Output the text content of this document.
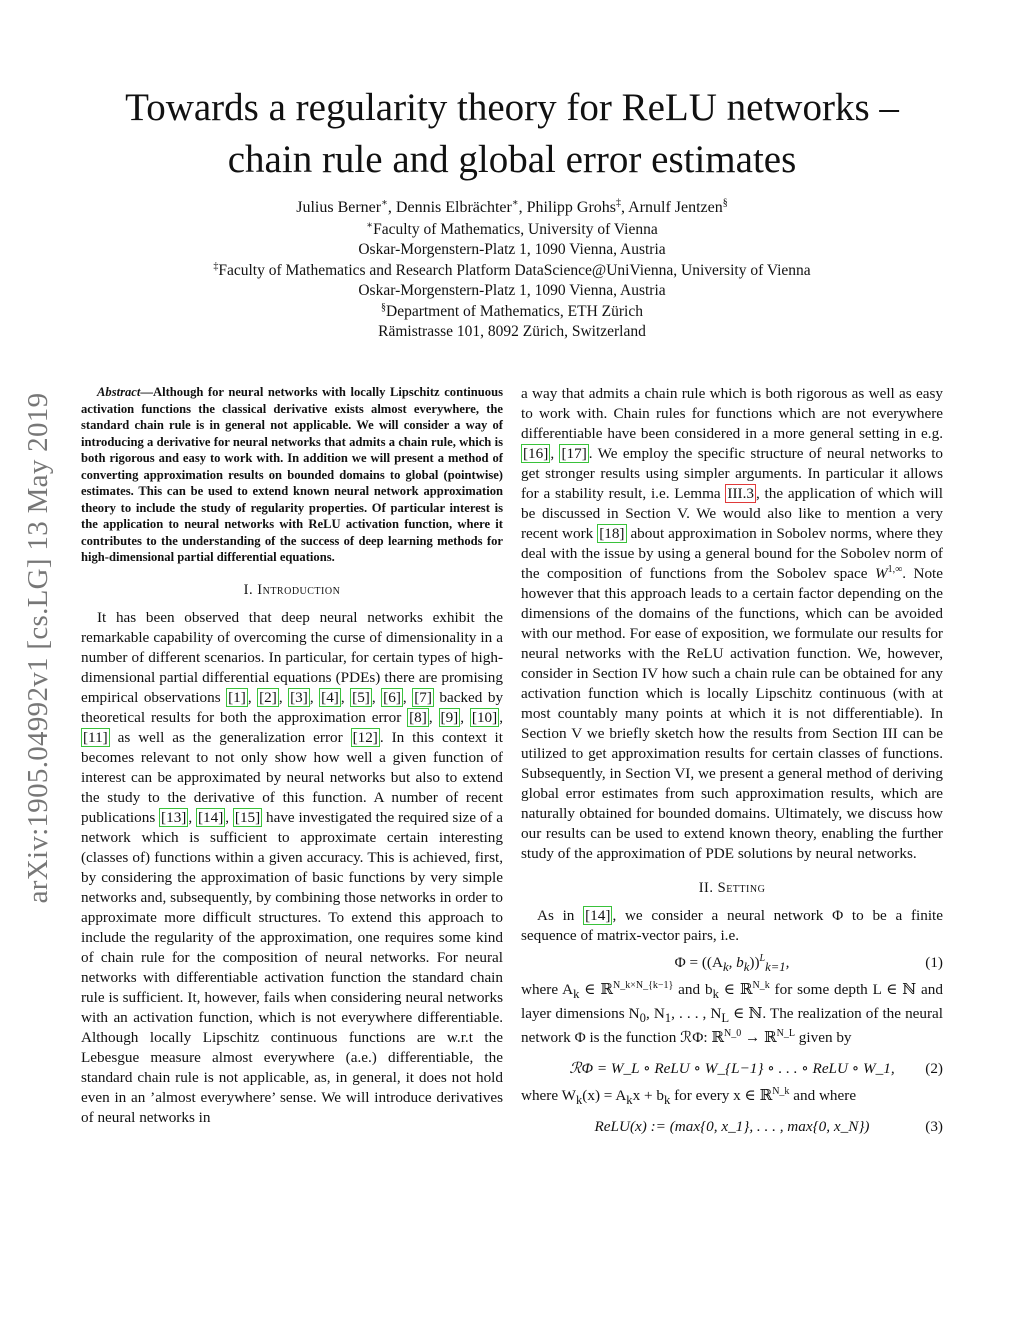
arXiv:1905.04992v1 [cs.LG] 13 May 2019
Towards a regularity theory for ReLU networks –
chain rule and global error estimates
Julius Berner∗, Dennis Elbrächter∗, Philipp Grohs‡, Arnulf Jentzen§
∗Faculty of Mathematics, University of Vienna
Oskar-Morgenstern-Platz 1, 1090 Vienna, Austria
‡Faculty of Mathematics and Research Platform DataScience@UniVienna, University of Vienna
Oskar-Morgenstern-Platz 1, 1090 Vienna, Austria
§Department of Mathematics, ETH Zürich
Rämistrasse 101, 8092 Zürich, Switzerland

Abstract—Although for neural networks with locally Lipschitz continuous activation functions the classical derivative exists almost everywhere, the standard chain rule is in general not applicable. We will consider a way of introducing a derivative for neural networks that admits a chain rule, which is both rigorous and easy to work with. In addition we will present a method of converting approximation results on bounded domains to global (pointwise) estimates. This can be used to extend known neural network approximation theory to include the study of regularity properties. Of particular interest is the application to neural networks with ReLU activation function, where it contributes to the understanding of the success of deep learning methods for high-dimensional partial differential equations.

I. Introduction

It has been observed that deep neural networks exhibit the remarkable capability of overcoming the curse of dimensionality in a number of different scenarios. In particular, for certain types of high-dimensional partial differential equations (PDEs) there are promising empirical observations [1] , [2] , [3] , [4] , [5] , [6] , [7] backed by theoretical results for both the approximation error [8] , [9] , [10] , [11] as well as the generalization error [12] . In this context it becomes relevant to not only show how well a given function of interest can be approximated by neural networks but also to extend the study to the derivative of this function. A number of recent publications [13] , [14] , [15] have investigated the required size of a network which is sufficient to approximate certain interesting (classes of) functions within a given accuracy. This is achieved, first, by considering the approximation of basic functions by very simple networks and, subsequently, by combining those networks in order to approximate more difficult structures. To extend this approach to include the regularity of the approximation, one requires some kind of chain rule for the composition of neural networks. For neural networks with differentiable activation function the standard chain rule is sufficient. It, however, fails when considering neural networks with an activation function, which is not everywhere differentiable. Although locally Lipschitz continuous functions are w.r.t the Lebesgue measure almost everywhere (a.e.) differentiable, the standard chain rule is not applicable, as, in general, it does not hold even in an ’almost everywhere’ sense. We will introduce derivatives of neural networks in

a way that admits a chain rule which is both rigorous as well as easy to work with. Chain rules for functions which are not everywhere differentiable have been considered in a more general setting in e.g. [16] , [17] . We employ the specific structure of neural networks to get stronger results using simpler arguments. In particular it allows for a stability result, i.e. Lemma III.3 , the application of which will be discussed in Section V. We would also like to mention a very recent work [18] about approximation in Sobolev norms, where they deal with the issue by using a general bound for the Sobolev norm of the composition of functions from the Sobolev space $W^{1,\infty}$. Note however that this approach leads to a certain factor depending on the dimensions of the domains of the functions, which can be avoided with our method. For ease of exposition, we formulate our results for neural networks with the ReLU activation function. We, however, consider in Section IV how such a chain rule can be obtained for any activation function which is locally Lipschitz continuous (with at most countably many points at which it is not differentiable). In Section V we briefly sketch how the results from Section III can be utilized to get approximation results for certain classes of functions. Subsequently, in Section VI, we present a general method of deriving global error estimates from such approximation results, which are naturally obtained for bounded domains. Ultimately, we discuss how our results can be used to extend known theory, enabling the further study of the approximation of PDE solutions by neural networks.

II. Setting

As in [14] , we consider a neural network Φ to be a finite sequence of matrix-vector pairs, i.e.

$\Phi = ((A_k$, $b_k))^L_{k=1}$,	(1)

where $A_k$ ∈ ℝ$^{N\_k\times N\_\{k-1\}}$ and $b_k$ ∈ ℝ$^{N\_k}$ for some depth L ∈ ℕ and layer dimensions $N_0$, $N_1$, . . . , $N_L$ ∈ ℕ. The realization of the neural network Φ is the function ℛΦ: ℝ$^{N\_0}$ → ℝ$^{N\_L}$ given by

ℛΦ = W_L ∘ ReLU ∘ W_{L−1} ∘ . . . ∘ ReLU ∘ W_1, (2)

where $W_k(x) = A_kx + b_k$ for every x ∈ ℝ$^{N\_k}$ and where

ReLU(x) := (max{0, x_1}, . . . , max{0, x_N})	(3)
